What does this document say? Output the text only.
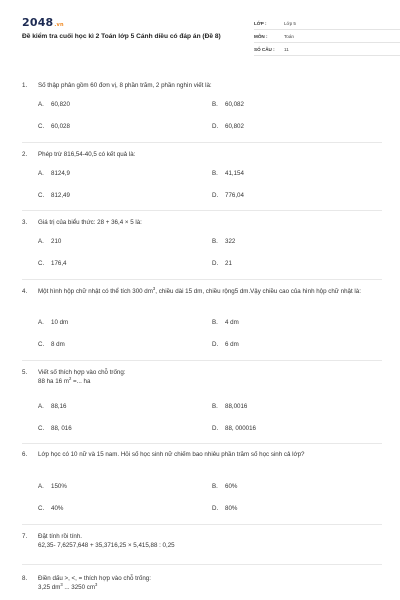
2048.vn
Đề kiểm tra cuối học kì 2 Toán lớp 5 Cánh diều có đáp án (Đề 8)
LỚP :	Lớp 5
MÔN :	Toán
SỐ CÂU :	11
1.	Số thập phân gồm 60 đơn vị, 8 phần trăm, 2 phần nghìn viết là:
A. 60,820	B. 60,082
C. 60,028	D. 60,802
2.	Phép trừ 816,54-40,5 có kết quả là:
A. 8124,9	B. 41,154
C. 812,49	D. 776,04
3.	Giá trị của biểu thức: 28 + 36,4 × 5 là:
A. 210	B. 322
C. 176,4	D. 21
4.	Một hình hộp chữ nhật có thể tích 300 $dm^3$, chiều dài 15 dm, chiều rộng5 dm.Vậy chiều cao của hình hộp chữ nhật là:
A. 10 dm	B. 4 dm
C. 8 dm	D. 6 dm
5.	Viết số thích hợp vào chỗ trống:
88 ha 16 $m^2$ =... ha
A. 88,16	B. 88,0016
C. 88, 016	D. 88, 000016
6.	Lớp học có 10 nữ và 15 nam. Hỏi số học sinh nữ chiếm bao nhiêu phần trăm số học sinh cả lớp?
A. 150%	B. 60%
C. 40%	D. 80%
7.	Đặt tính rồi tính.
62,35- 7,6257,648 + 35,3716,25 × 5,415,88 : 0,25
8.	Điền dấu >, <, = thích hợp vào chỗ trống:
3,25 $dm^3$ ... 3250 $cm^3$
